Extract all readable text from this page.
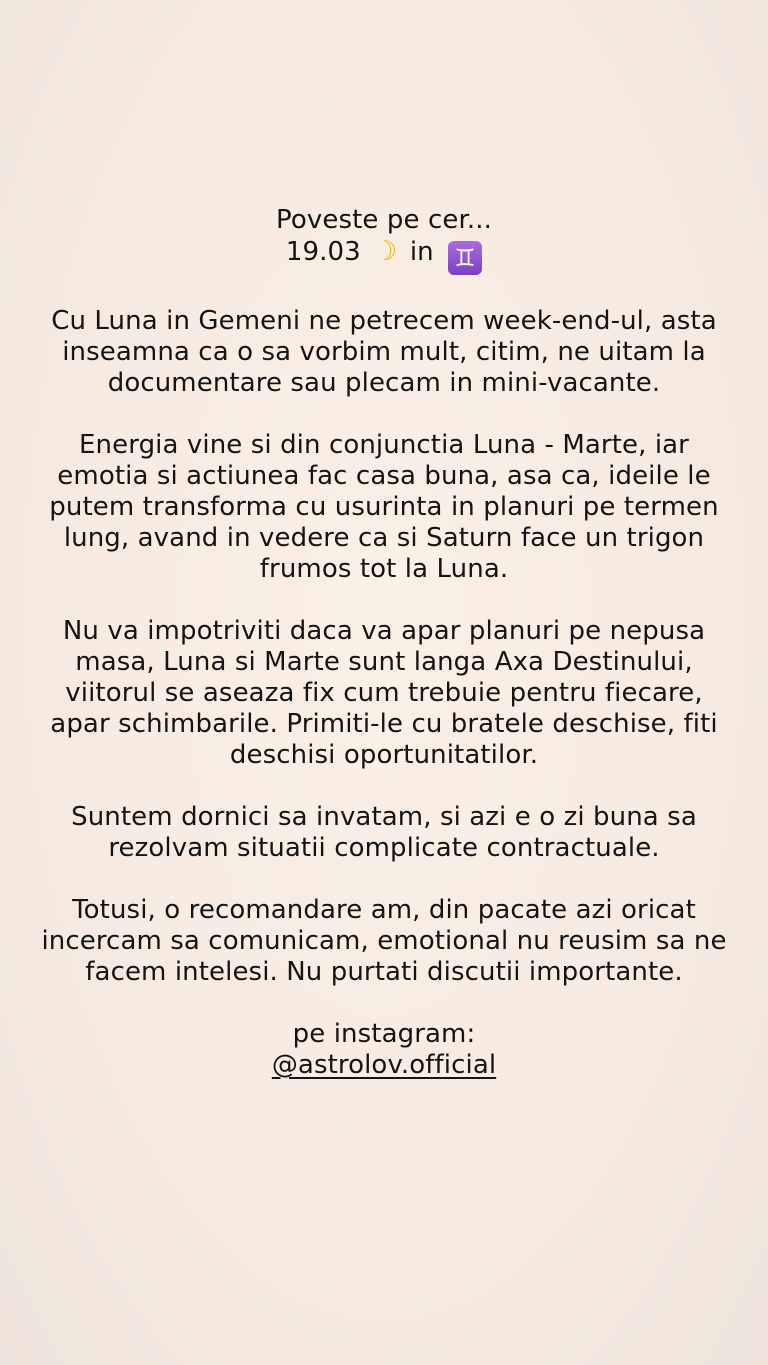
Poveste pe cer...
19.03 ☽ in ♊

Cu Luna in Gemeni ne petrecem week-end-ul, asta inseamna ca o sa vorbim mult, citim, ne uitam la documentare sau plecam in mini-vacante.

Energia vine si din conjunctia Luna - Marte, iar emotia si actiunea fac casa buna, asa ca, ideile le putem transforma cu usurinta in planuri pe termen lung, avand in vedere ca si Saturn face un trigon frumos tot la Luna.

Nu va impotriviti daca va apar planuri pe nepusa masa, Luna si Marte sunt langa Axa Destinului, viitorul se aseaza fix cum trebuie pentru fiecare, apar schimbarile. Primiti-le cu bratele deschise, fiti deschisi oportunitatilor.

Suntem dornici sa invatam, si azi e o zi buna sa rezolvam situatii complicate contractuale.

Totusi, o recomandare am, din pacate azi oricat incercam sa comunicam, emotional nu reusim sa ne facem intelesi. Nu purtati discutii importante.

pe instagram:
@astrolov.official
